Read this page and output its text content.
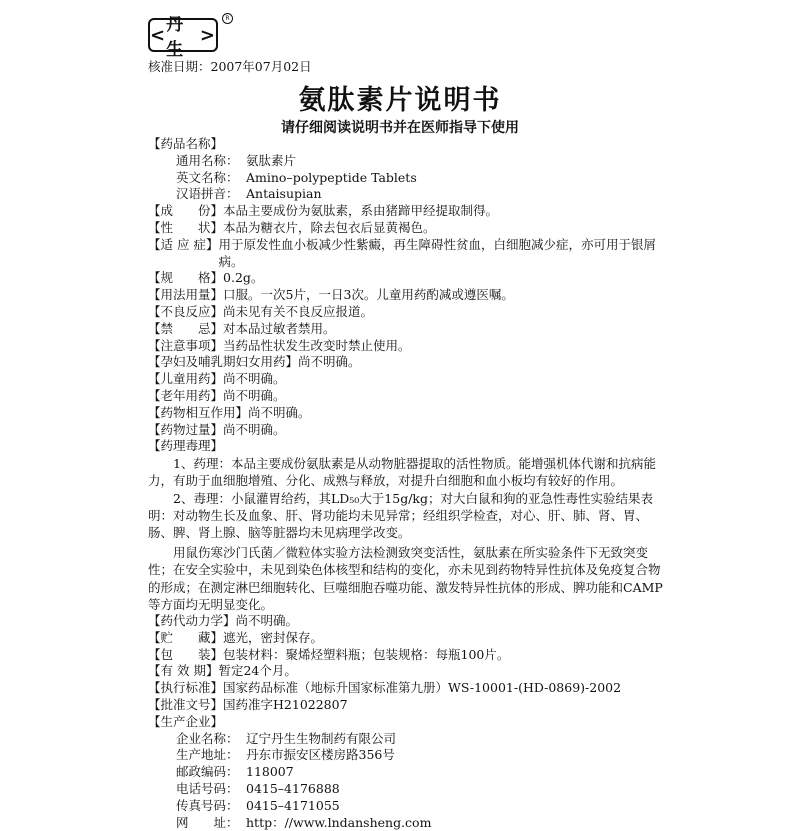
< 丹生
>
R
核准日期：2007年07月02日
氨肽素片说明书
请仔细阅读说明书并在医师指导下使用
【药品名称】
通用名称： 氨肽素片
英文名称： Amino–polypeptide Tablets
汉语拼音： Antaisupian
【成　　份】 本品主要成份为氨肽素，系由猪蹄甲经提取制得。
【性　　状】 本品为糖衣片，除去包衣后显黄褐色。
【适 应 症】 用于原发性血小板减少性紫癜，再生障碍性贫血，白细胞减少症，亦可用于银屑病。
【规　　格】 0.2g。
【用法用量】 口服。一次5片，一日3次。儿童用药酌减或遵医嘱。
【不良反应】 尚未见有关不良反应报道。
【禁　　忌】 对本品过敏者禁用。
【注意事项】 当药品性状发生改变时禁止使用。
【孕妇及哺乳期妇女用药】 尚不明确。
【儿童用药】 尚不明确。
【老年用药】 尚不明确。
【药物相互作用】 尚不明确。
【药物过量】 尚不明确。
【药理毒理】
1、药理：本品主要成份氨肽素是从动物脏器提取的活性物质。能增强机体代谢和抗病能力，有助于血细胞增殖、分化、成熟与释放，对提升白细胞和血小板均有较好的作用。
2、毒理：小鼠灌胃给药，其LD₅₀大于15g/kg；对大白鼠和狗的亚急性毒性实验结果表明：对动物生长及血象、肝、肾功能均未见异常；经组织学检查，对心、肝、肺、肾、胃、肠、脾、肾上腺、脑等脏器均未见病理学改变。
用鼠伤寒沙门氏菌／微粒体实验方法检测致突变活性，氨肽素在所实验条件下无致突变性；在安全实验中，未见到染色体核型和结构的变化，亦未见到药物特异性抗体及免疫复合物的形成；在测定淋巴细胞转化、巨噬细胞吞噬功能、激发特异性抗体的形成、脾功能和CAMP等方面均无明显变化。
【药代动力学】 尚不明确。
【贮　　藏】 遮光，密封保存。
【包　　装】 包装材料：聚烯烃塑料瓶；包装规格：每瓶100片。
【有 效 期】 暂定24个月。
【执行标准】 国家药品标准（地标升国家标准第九册）WS-10001-(HD-0869)-2002
【批准文号】 国药准字H21022807
【生产企业】
企业名称： 辽宁丹生生物制药有限公司
生产地址： 丹东市振安区楼房路356号
邮政编码： 118007
电话号码： 0415–4176888
传真号码： 0415–4171055
网　　址： http：//www.lndansheng.com
